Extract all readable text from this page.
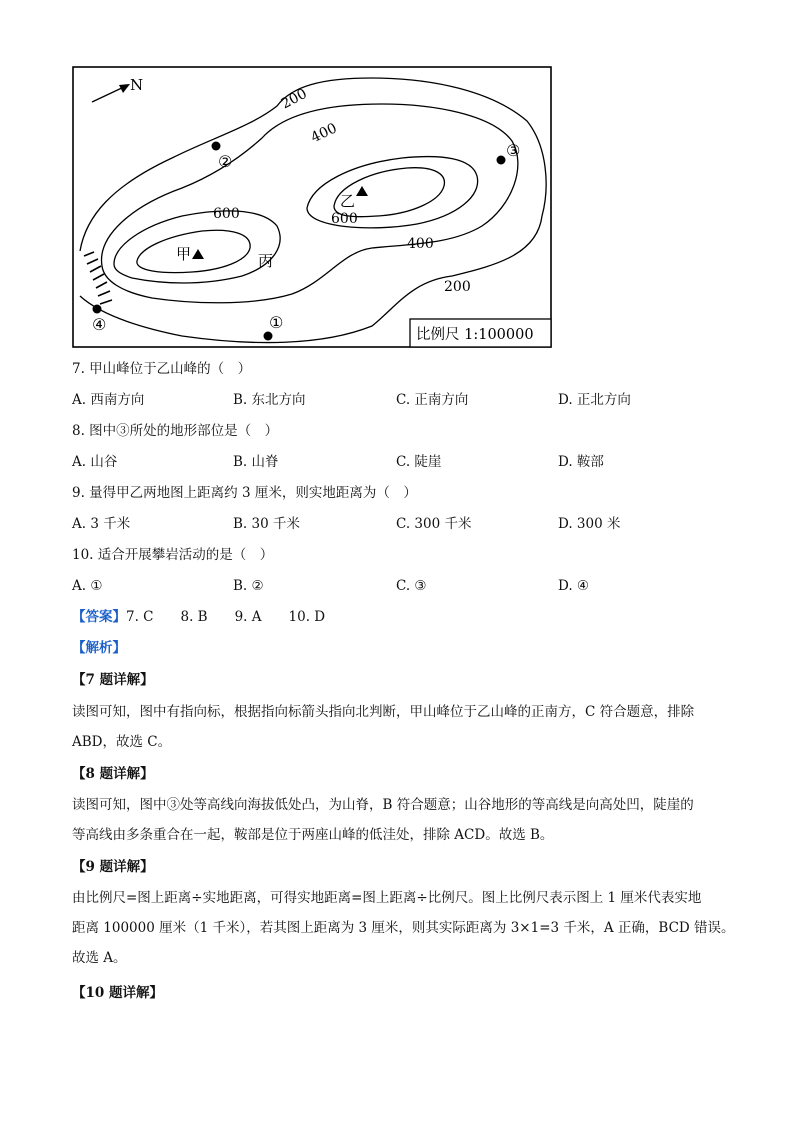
N
200
400
600	600
400
200
甲
乙
丙
②
③
①
④
比例尺 1:100000
7. 甲山峰位于乙山峰的（　）
A. 西南方向	B. 东北方向	C. 正南方向	D. 正北方向
8. 图中③所处的地形部位是（　）
A. 山谷	B. 山脊	C. 陡崖	D. 鞍部
9. 量得甲乙两地图上距离约 3 厘米，则实地距离为（　）
A. 3 千米	B. 30 千米	C. 300 千米	D. 300 米
10. 适合开展攀岩活动的是（　）
A. ①	B. ②	C. ③	D. ④
【答案】7. C　　8. B　　9. A　　10. D
【解析】
【7 题详解】
读图可知，图中有指向标，根据指向标箭头指向北判断，甲山峰位于乙山峰的正南方，C 符合题意，排除
ABD，故选 C。
【8 题详解】
读图可知，图中③处等高线向海拔低处凸，为山脊，B 符合题意；山谷地形的等高线是向高处凹，陡崖的
等高线由多条重合在一起，鞍部是位于两座山峰的低洼处，排除 ACD。故选 B。
【9 题详解】
由比例尺=图上距离÷实地距离，可得实地距离=图上距离÷比例尺。图上比例尺表示图上 1 厘米代表实地
距离 100000 厘米（1 千米），若其图上距离为 3 厘米，则其实际距离为 3×1=3 千米，A 正确，BCD 错误。
故选 A。
【10 题详解】
